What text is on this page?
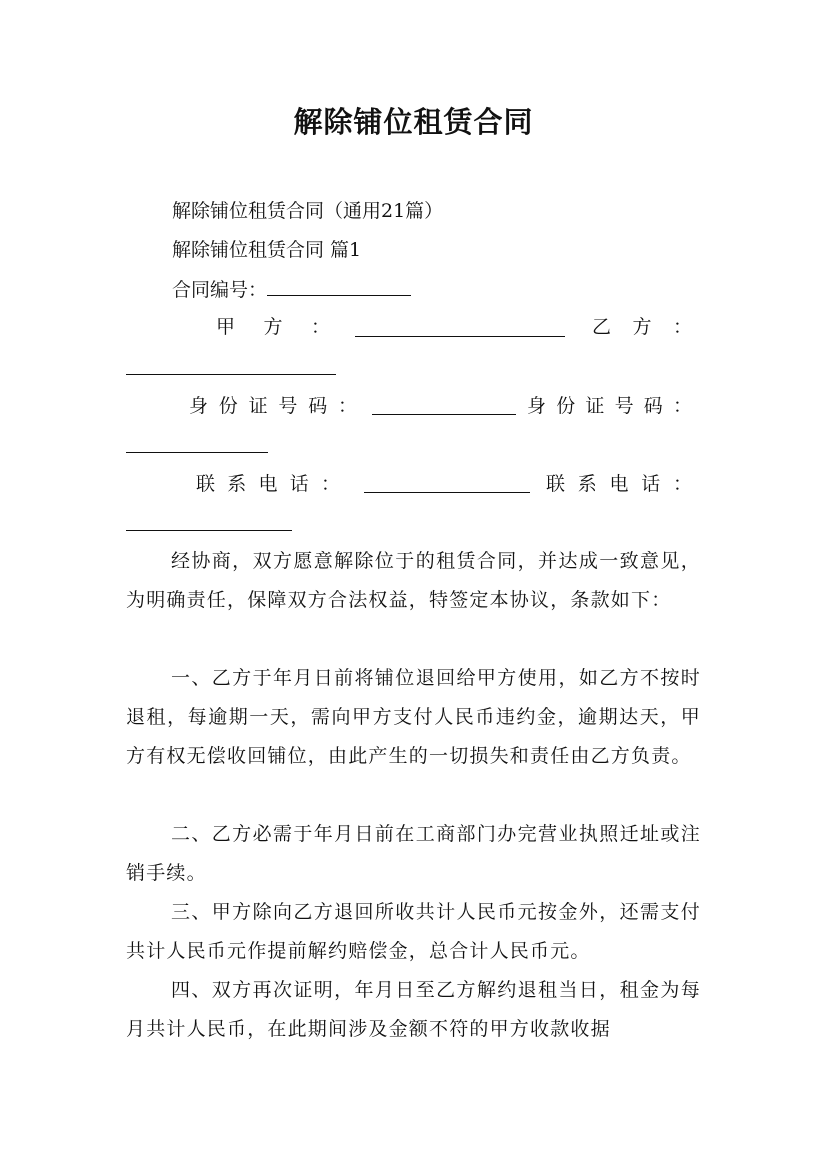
解除铺位租赁合同
解除铺位租赁合同（通用21篇）
解除铺位租赁合同 篇1
合同编号：
甲 方 ：	乙 方 ：
身 份 证 号 码 ：	身 份 证 号 码 ：
联 系 电 话 ：	联 系 电 话 ：
经协商，双方愿意解除位于的租赁合同，并达成一致意见，为明确责任，保障双方合法权益，特签定本协议，条款如下：
一、乙方于年月日前将铺位退回给甲方使用，如乙方不按时退租，每逾期一天，需向甲方支付人民币违约金，逾期达天，甲方有权无偿收回铺位，由此产生的一切损失和责任由乙方负责。
二、乙方必需于年月日前在工商部门办完营业执照迁址或注销手续。
三、甲方除向乙方退回所收共计人民币元按金外，还需支付共计人民币元作提前解约赔偿金，总合计人民币元。
四、双方再次证明，年月日至乙方解约退租当日，租金为每月共计人民币，在此期间涉及金额不符的甲方收款收据
